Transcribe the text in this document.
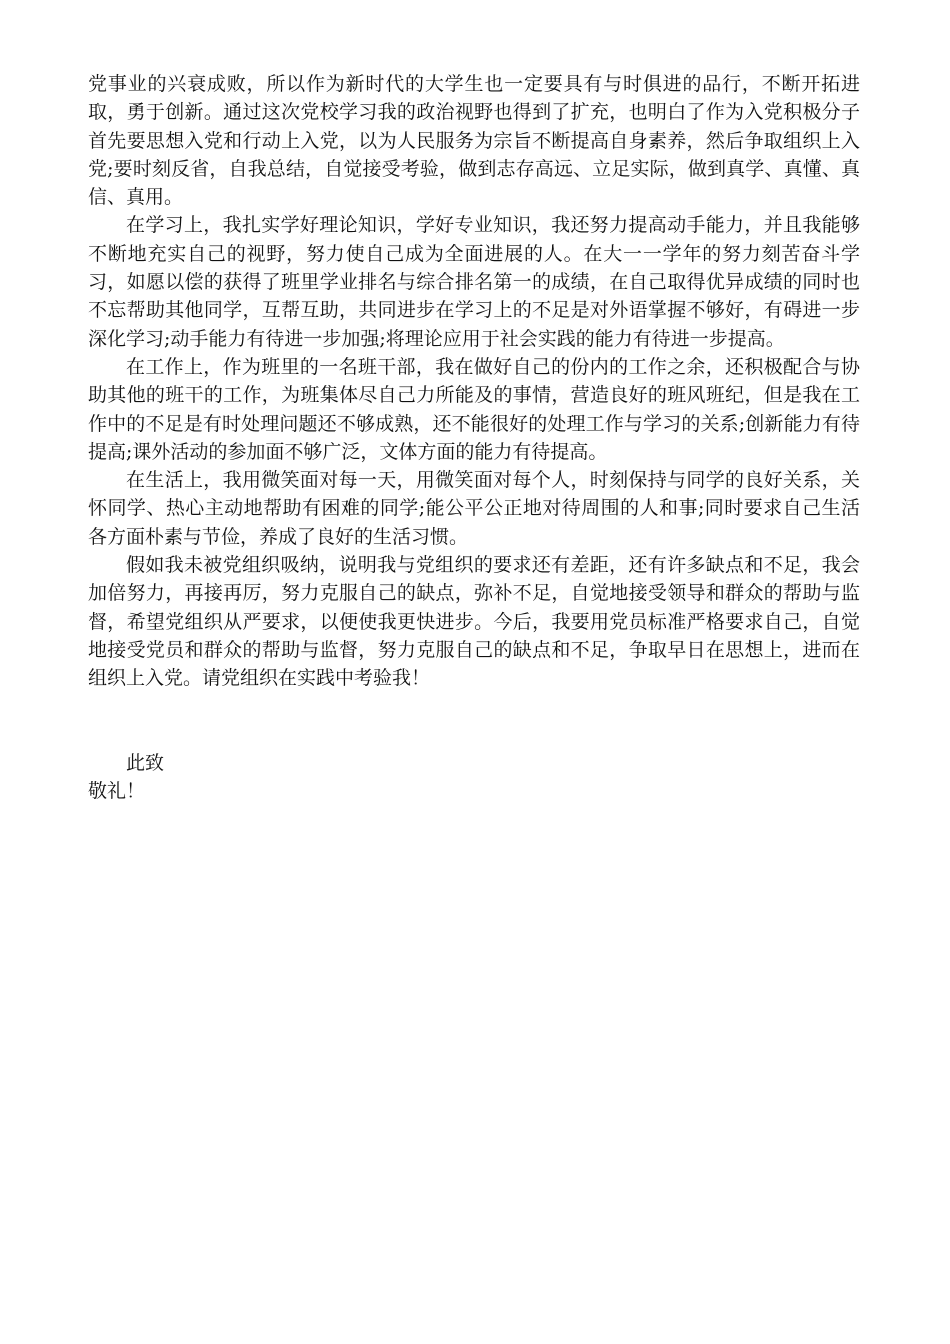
党事业的兴衰成败，所以作为新时代的大学生也一定要具有与时俱进的品行，不断开拓进取，勇于创新。通过这次党校学习我的政治视野也得到了扩充，也明白了作为入党积极分子首先要思想入党和行动上入党，以为人民服务为宗旨不断提高自身素养，然后争取组织上入党;要时刻反省，自我总结，自觉接受考验，做到志存高远、立足实际，做到真学、真懂、真信、真用。

在学习上，我扎实学好理论知识，学好专业知识，我还努力提高动手能力，并且我能够不断地充实自己的视野，努力使自己成为全面进展的人。在大一一学年的努力刻苦奋斗学习，如愿以偿的获得了班里学业排名与综合排名第一的成绩，在自己取得优异成绩的同时也不忘帮助其他同学，互帮互助，共同进步在学习上的不足是对外语掌握不够好，有碍进一步深化学习;动手能力有待进一步加强;将理论应用于社会实践的能力有待进一步提高。

在工作上，作为班里的一名班干部，我在做好自己的份内的工作之余，还积极配合与协助其他的班干的工作，为班集体尽自己力所能及的事情，营造良好的班风班纪，但是我在工作中的不足是有时处理问题还不够成熟，还不能很好的处理工作与学习的关系;创新能力有待提高;课外活动的参加面不够广泛，文体方面的能力有待提高。

在生活上，我用微笑面对每一天，用微笑面对每个人，时刻保持与同学的良好关系，关怀同学、热心主动地帮助有困难的同学;能公平公正地对待周围的人和事;同时要求自己生活各方面朴素与节俭，养成了良好的生活习惯。

假如我未被党组织吸纳，说明我与党组织的要求还有差距，还有许多缺点和不足，我会加倍努力，再接再厉，努力克服自己的缺点，弥补不足，自觉地接受领导和群众的帮助与监督，希望党组织从严要求，以便使我更快进步。今后，我要用党员标准严格要求自己，自觉地接受党员和群众的帮助与监督，努力克服自己的缺点和不足，争取早日在思想上，进而在组织上入党。请党组织在实践中考验我！

此致
敬礼！
